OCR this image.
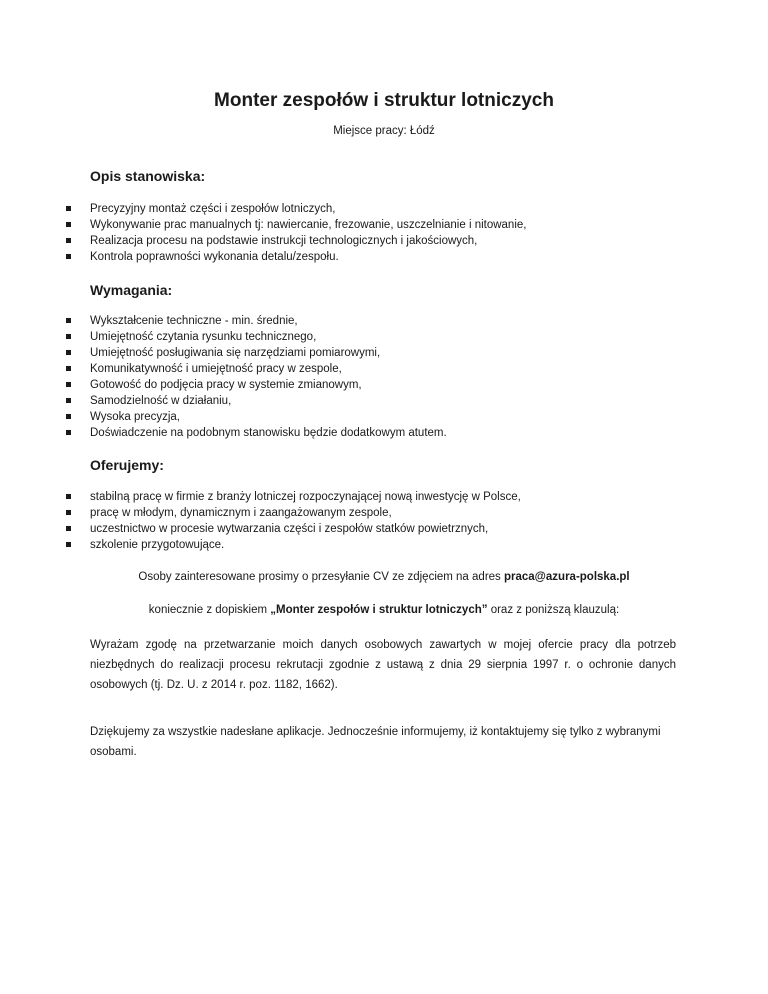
Monter zespołów i struktur lotniczych
Miejsce pracy: Łódź
Opis stanowiska:
Precyzyjny montaż części i zespołów lotniczych,
Wykonywanie prac manualnych tj: nawiercanie, frezowanie, uszczelnianie i nitowanie,
Realizacja procesu na podstawie instrukcji technologicznych i jakościowych,
Kontrola poprawności wykonania detalu/zespołu.
Wymagania:
Wykształcenie techniczne - min. średnie,
Umiejętność czytania rysunku technicznego,
Umiejętność posługiwania się narzędziami pomiarowymi,
Komunikatywność i umiejętność pracy w zespole,
Gotowość do podjęcia pracy w systemie zmianowym,
Samodzielność w działaniu,
Wysoka precyzja,
Doświadczenie na podobnym stanowisku będzie dodatkowym atutem.
Oferujemy:
stabilną pracę w firmie z branży lotniczej rozpoczynającej nową inwestycję w Polsce,
pracę w młodym, dynamicznym i zaangażowanym zespole,
uczestnictwo w procesie wytwarzania części i zespołów statków powietrznych,
szkolenie przygotowujące.
Osoby zainteresowane prosimy o przesyłanie CV ze zdjęciem na adres praca@azura-polska.pl
koniecznie z dopiskiem „Monter zespołów i struktur lotniczych” oraz z poniższą klauzulą:

Wyrażam zgodę na przetwarzanie moich danych osobowych zawartych w mojej ofercie pracy dla potrzeb niezbędnych do realizacji procesu rekrutacji zgodnie z ustawą z dnia 29 sierpnia 1997 r. o ochronie danych osobowych (tj. Dz. U. z 2014 r. poz. 1182, 1662).

Dziękujemy za wszystkie nadesłane aplikacje. Jednocześnie informujemy, iż kontaktujemy się tylko z wybranymi osobami.
